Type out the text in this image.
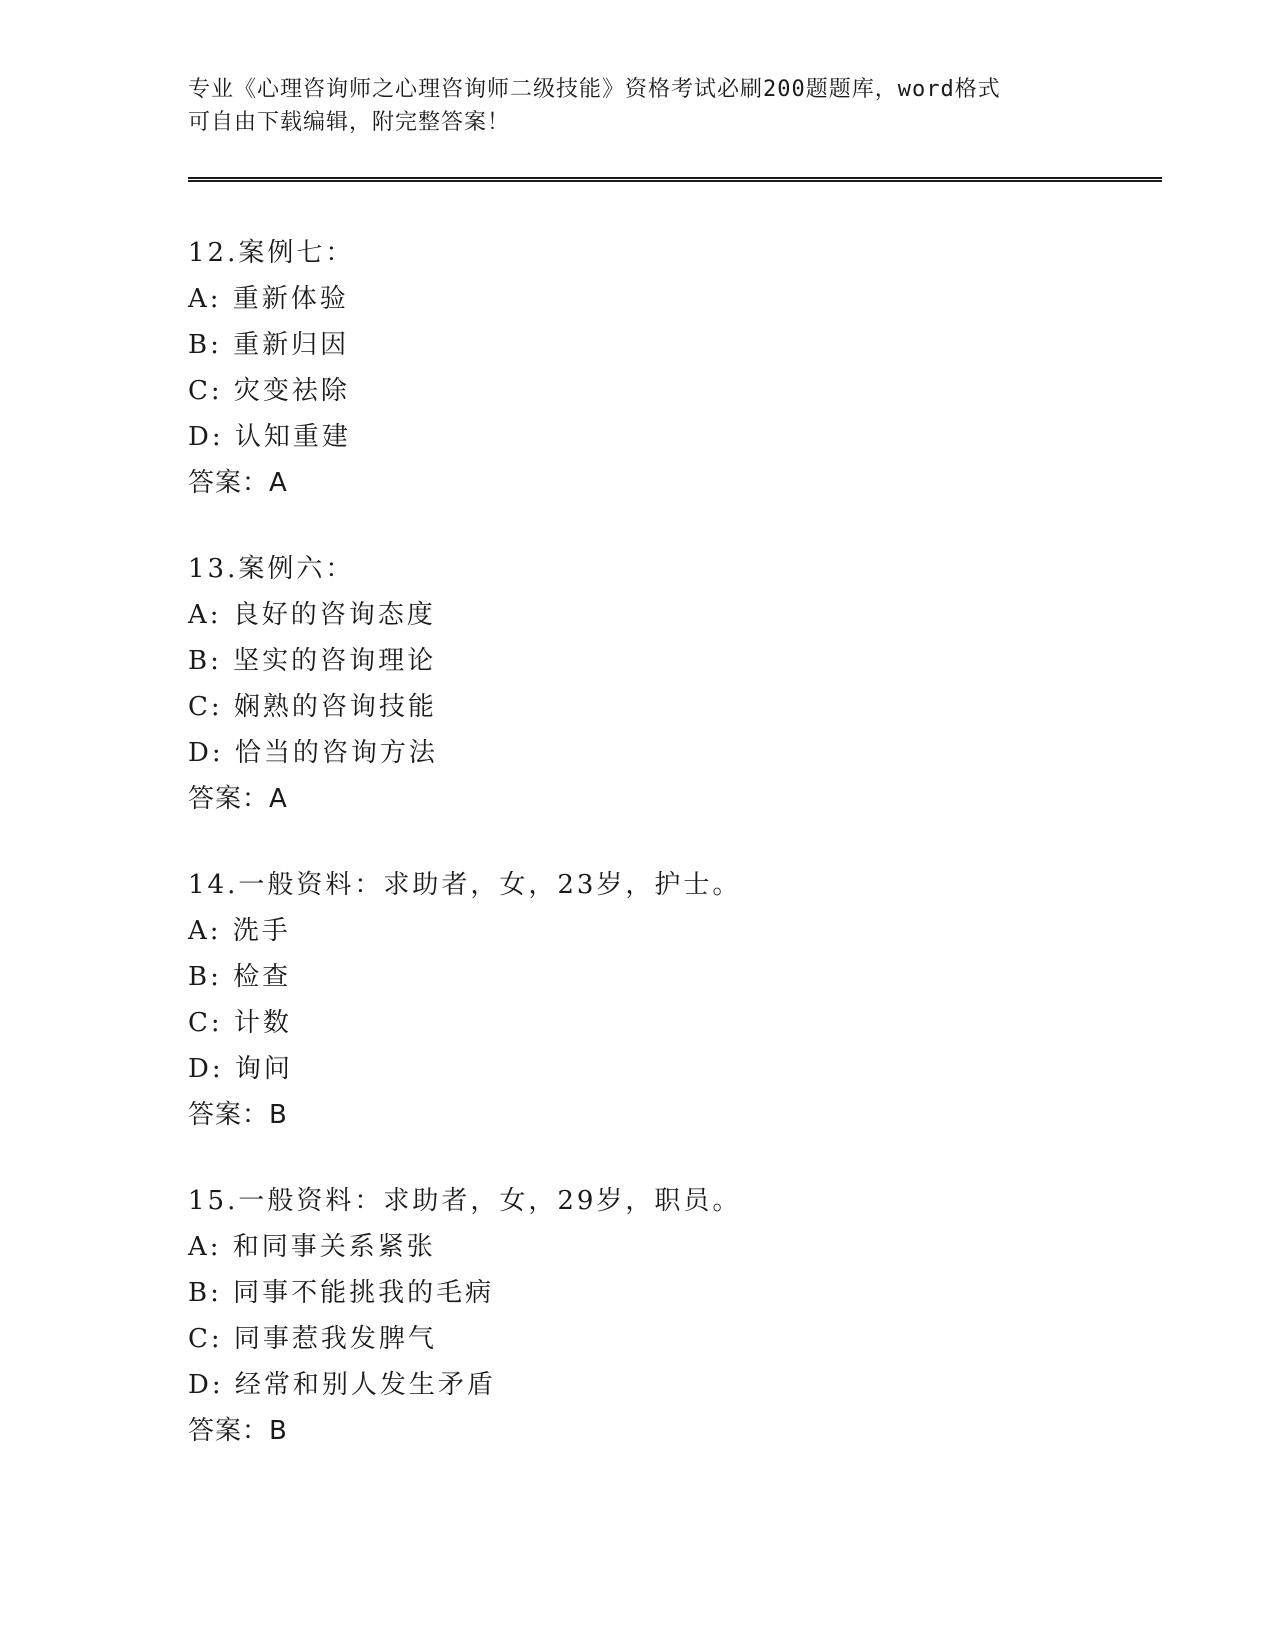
专业《心理咨询师之心理咨询师二级技能》资格考试必刷200题题库，word格式
可自由下载编辑，附完整答案！
12.案例七：
A: 重新体验
B: 重新归因
C: 灾变祛除
D: 认知重建
答案：A
13.案例六：
A: 良好的咨询态度
B: 坚实的咨询理论
C: 娴熟的咨询技能
D: 恰当的咨询方法
答案：A
14.一般资料：求助者，女，23岁，护士。
A: 洗手
B: 检查
C: 计数
D: 询问
答案：B
15.一般资料：求助者，女，29岁，职员。
A: 和同事关系紧张
B: 同事不能挑我的毛病
C: 同事惹我发脾气
D: 经常和别人发生矛盾
答案：B
